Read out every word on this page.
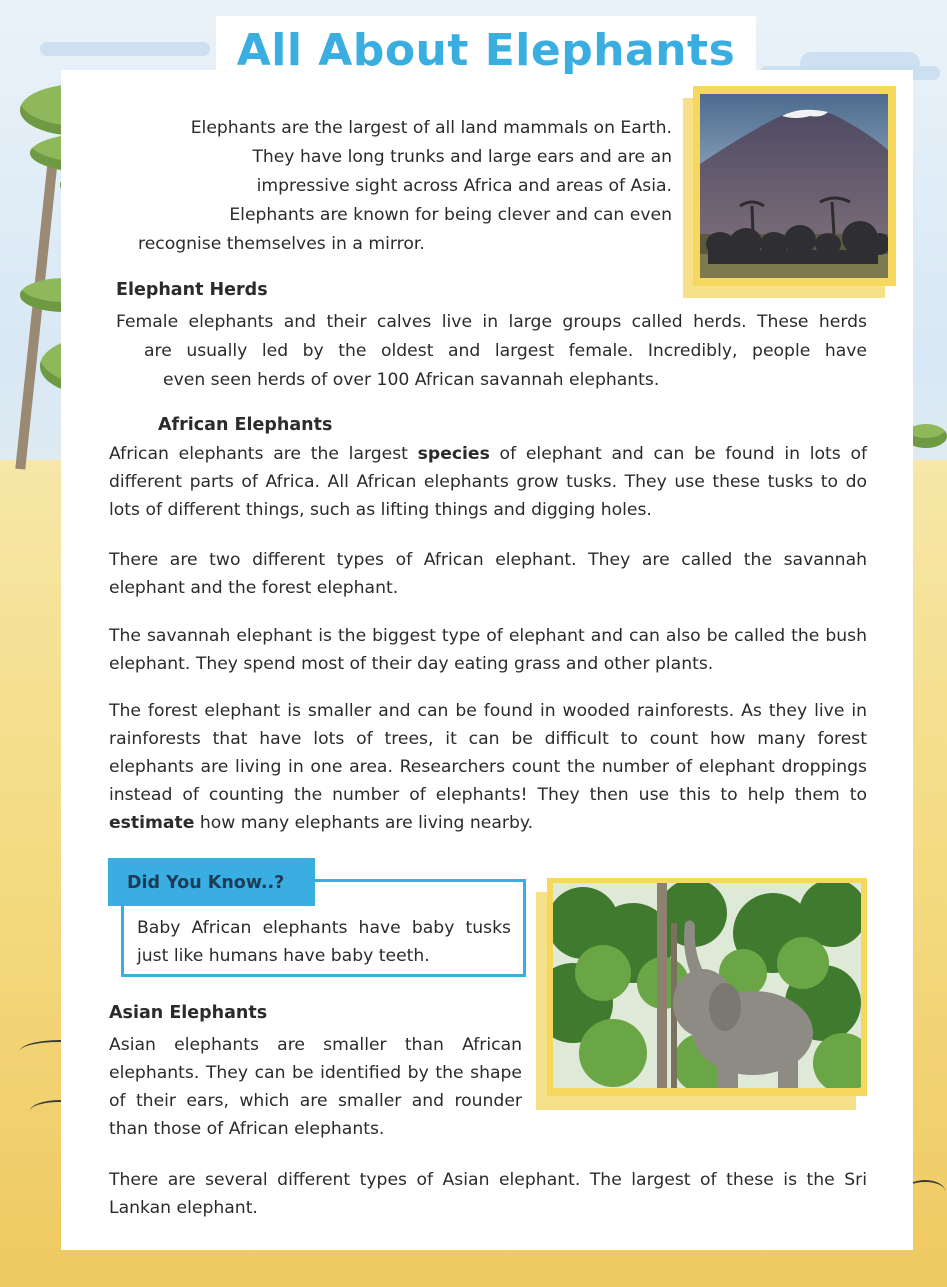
All About Elephants

Elephants are the largest of all land mammals on Earth.

They have long trunks and large ears and are an

impressive sight across Africa and areas of Asia.

Elephants are known for being clever and can even

recognise themselves in a mirror.

Elephant Herds

Female elephants and their calves live in large groups called herds. These herds

are usually led by the oldest and largest female. Incredibly, people have

even seen herds of over 100 African savannah elephants.

African Elephants

African elephants are the largest species of elephant and can be found in lots of different parts of Africa. All African elephants grow tusks. They use these tusks to do lots of different things, such as lifting things and digging holes.

There are two different types of African elephant. They are called the savannah elephant and the forest elephant.

The savannah elephant is the biggest type of elephant and can also be called the bush elephant. They spend most of their day eating grass and other plants.

The forest elephant is smaller and can be found in wooded rainforests. As they live in rainforests that have lots of trees, it can be difficult to count how many forest elephants are living in one area. Researchers count the number of elephant droppings instead of counting the number of elephants! They then use this to help them to estimate how many elephants are living nearby.

Did You Know..?

Baby African elephants have baby tusks just like humans have baby teeth.

Asian Elephants

Asian elephants are smaller than African elephants. They can be identified by the shape of their ears, which are smaller and rounder than those of African elephants.

There are several different types of Asian elephant. The largest of these is the Sri Lankan elephant.
